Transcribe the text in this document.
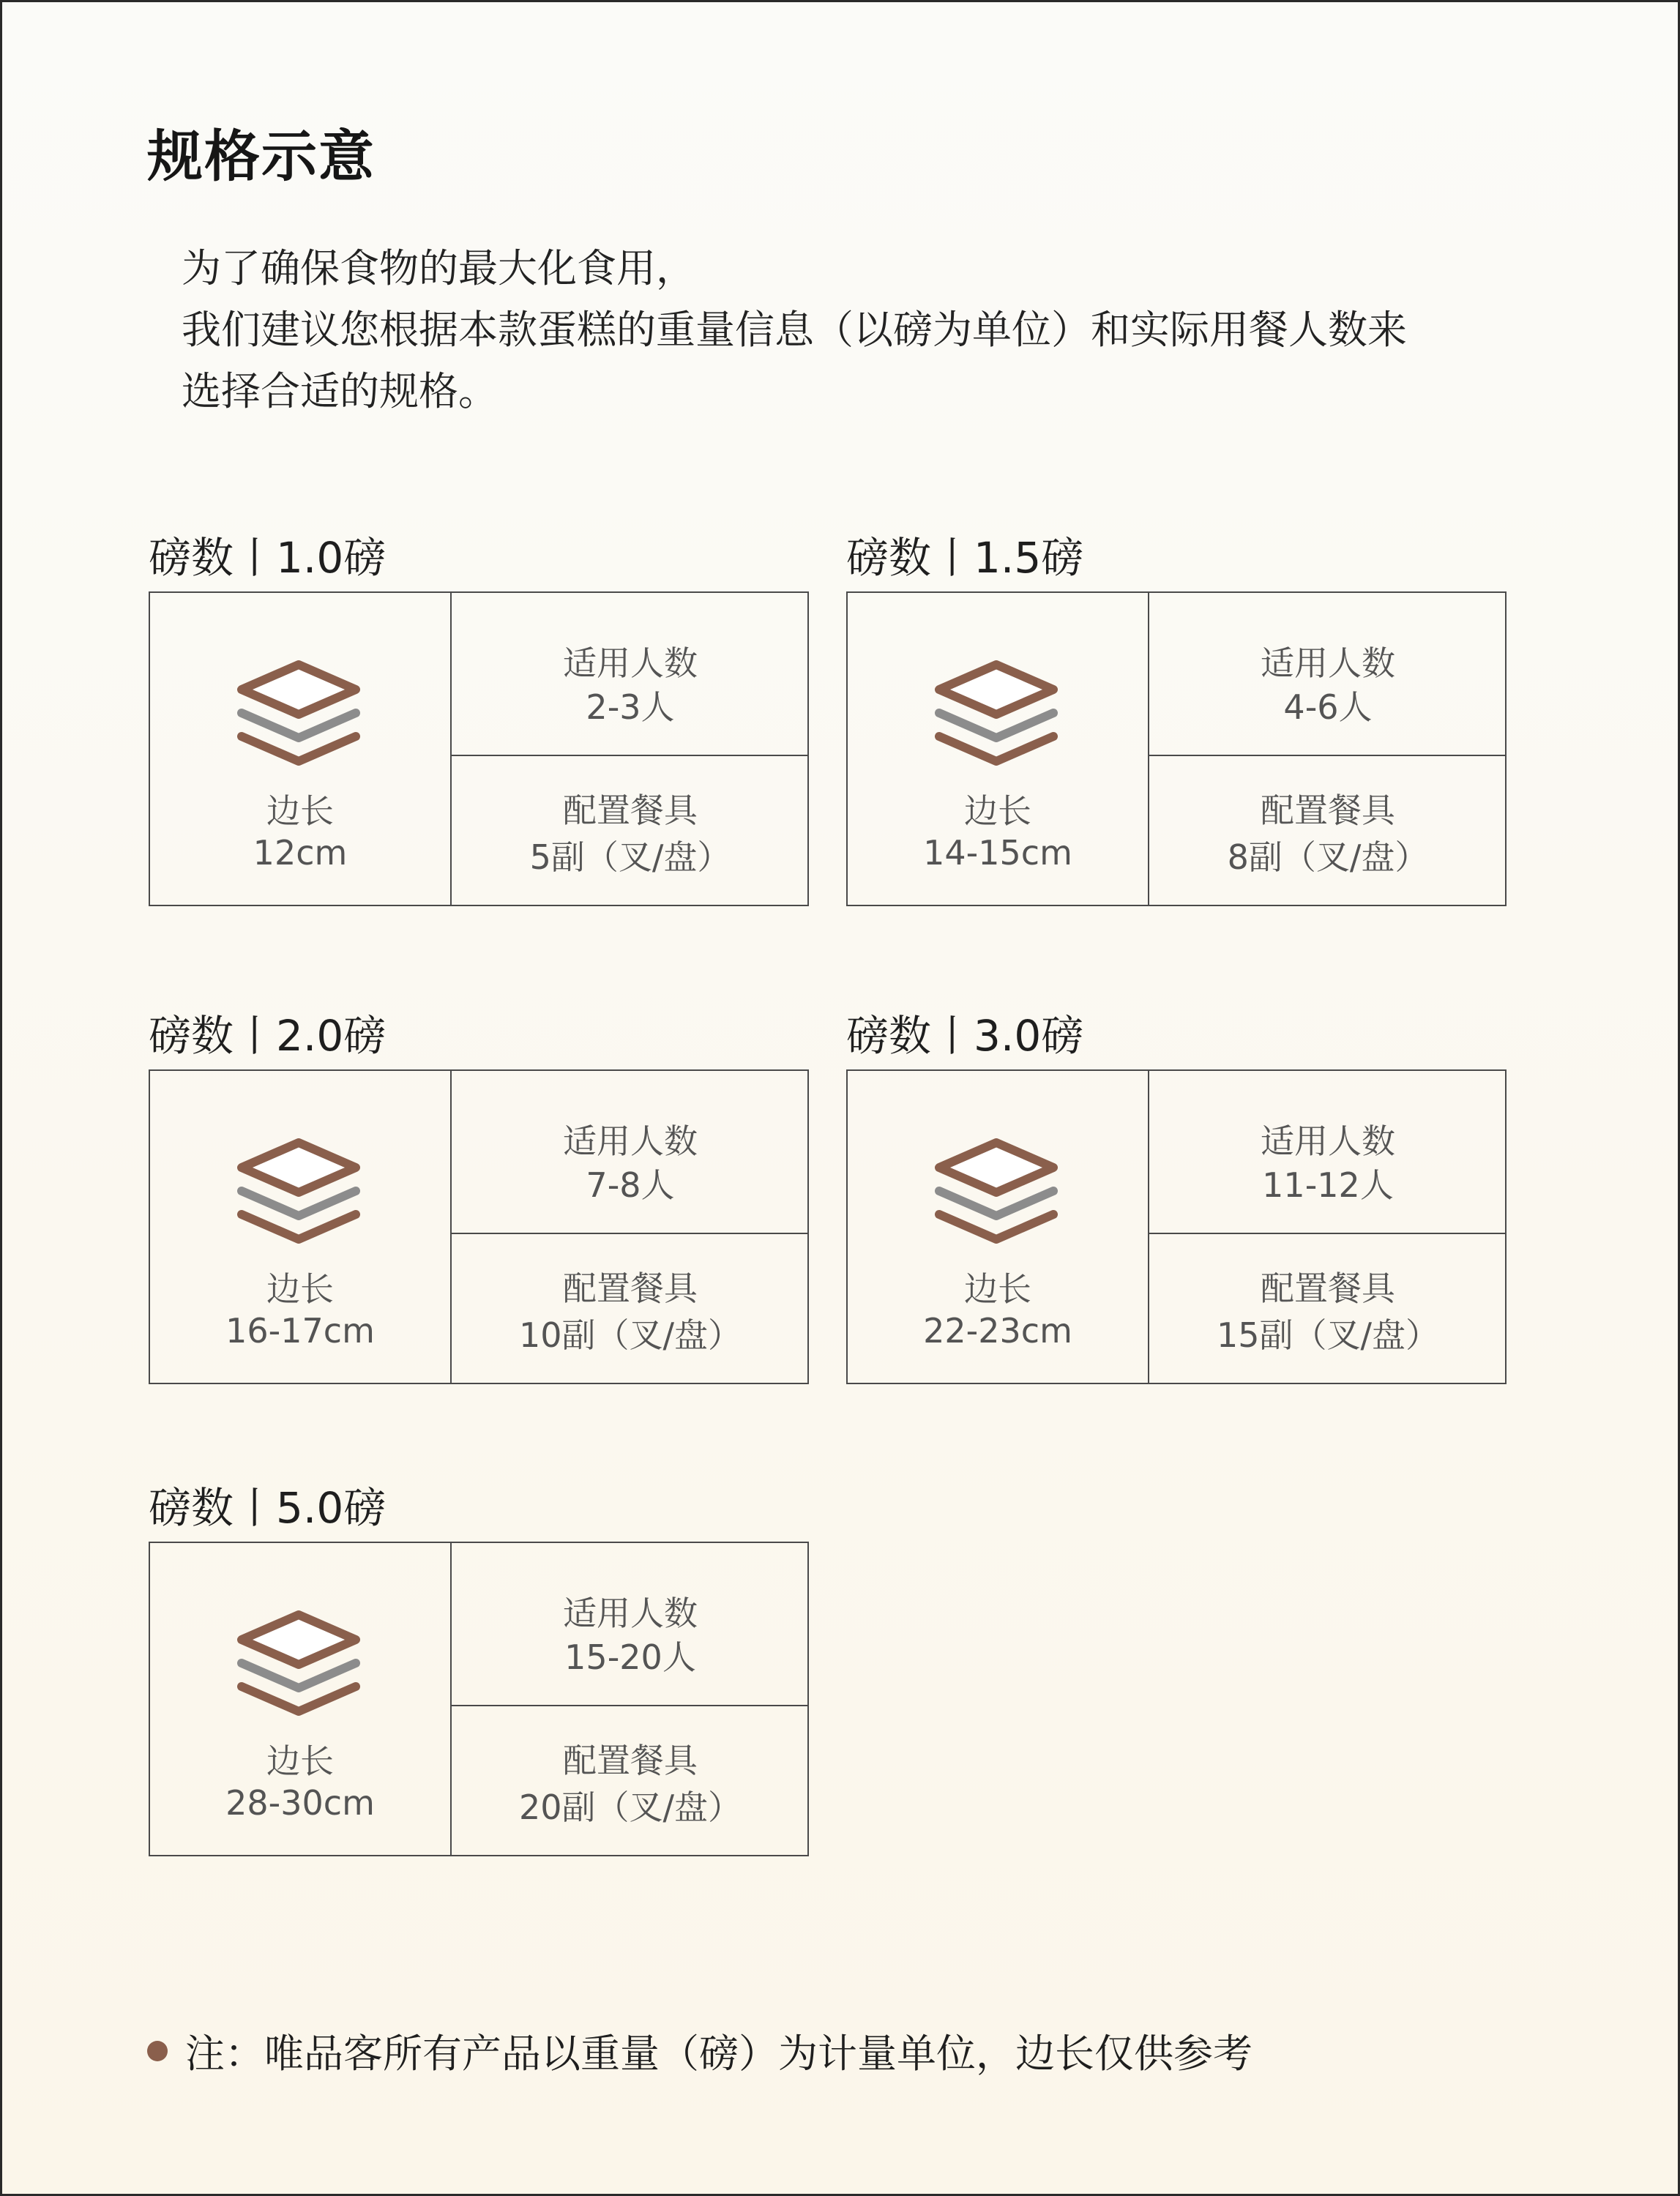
规格示意
为了确保食物的最大化食用，
我们建议您根据本款蛋糕的重量信息（以磅为单位）和实际用餐人数来
选择合适的规格。
磅数丨1.0磅
边长
12cm
适用人数
2-3人
配置餐具
5副（叉/盘）
磅数丨1.5磅
边长
14-15cm
适用人数
4-6人
配置餐具
8副（叉/盘）
磅数丨2.0磅
边长
16-17cm
适用人数
7-8人
配置餐具
10副（叉/盘）
磅数丨3.0磅
边长
22-23cm
适用人数
11-12人
配置餐具
15副（叉/盘）
磅数丨5.0磅
边长
28-30cm
适用人数
15-20人
配置餐具
20副（叉/盘）
注：唯品客所有产品以重量（磅）为计量单位，边长仅供参考
